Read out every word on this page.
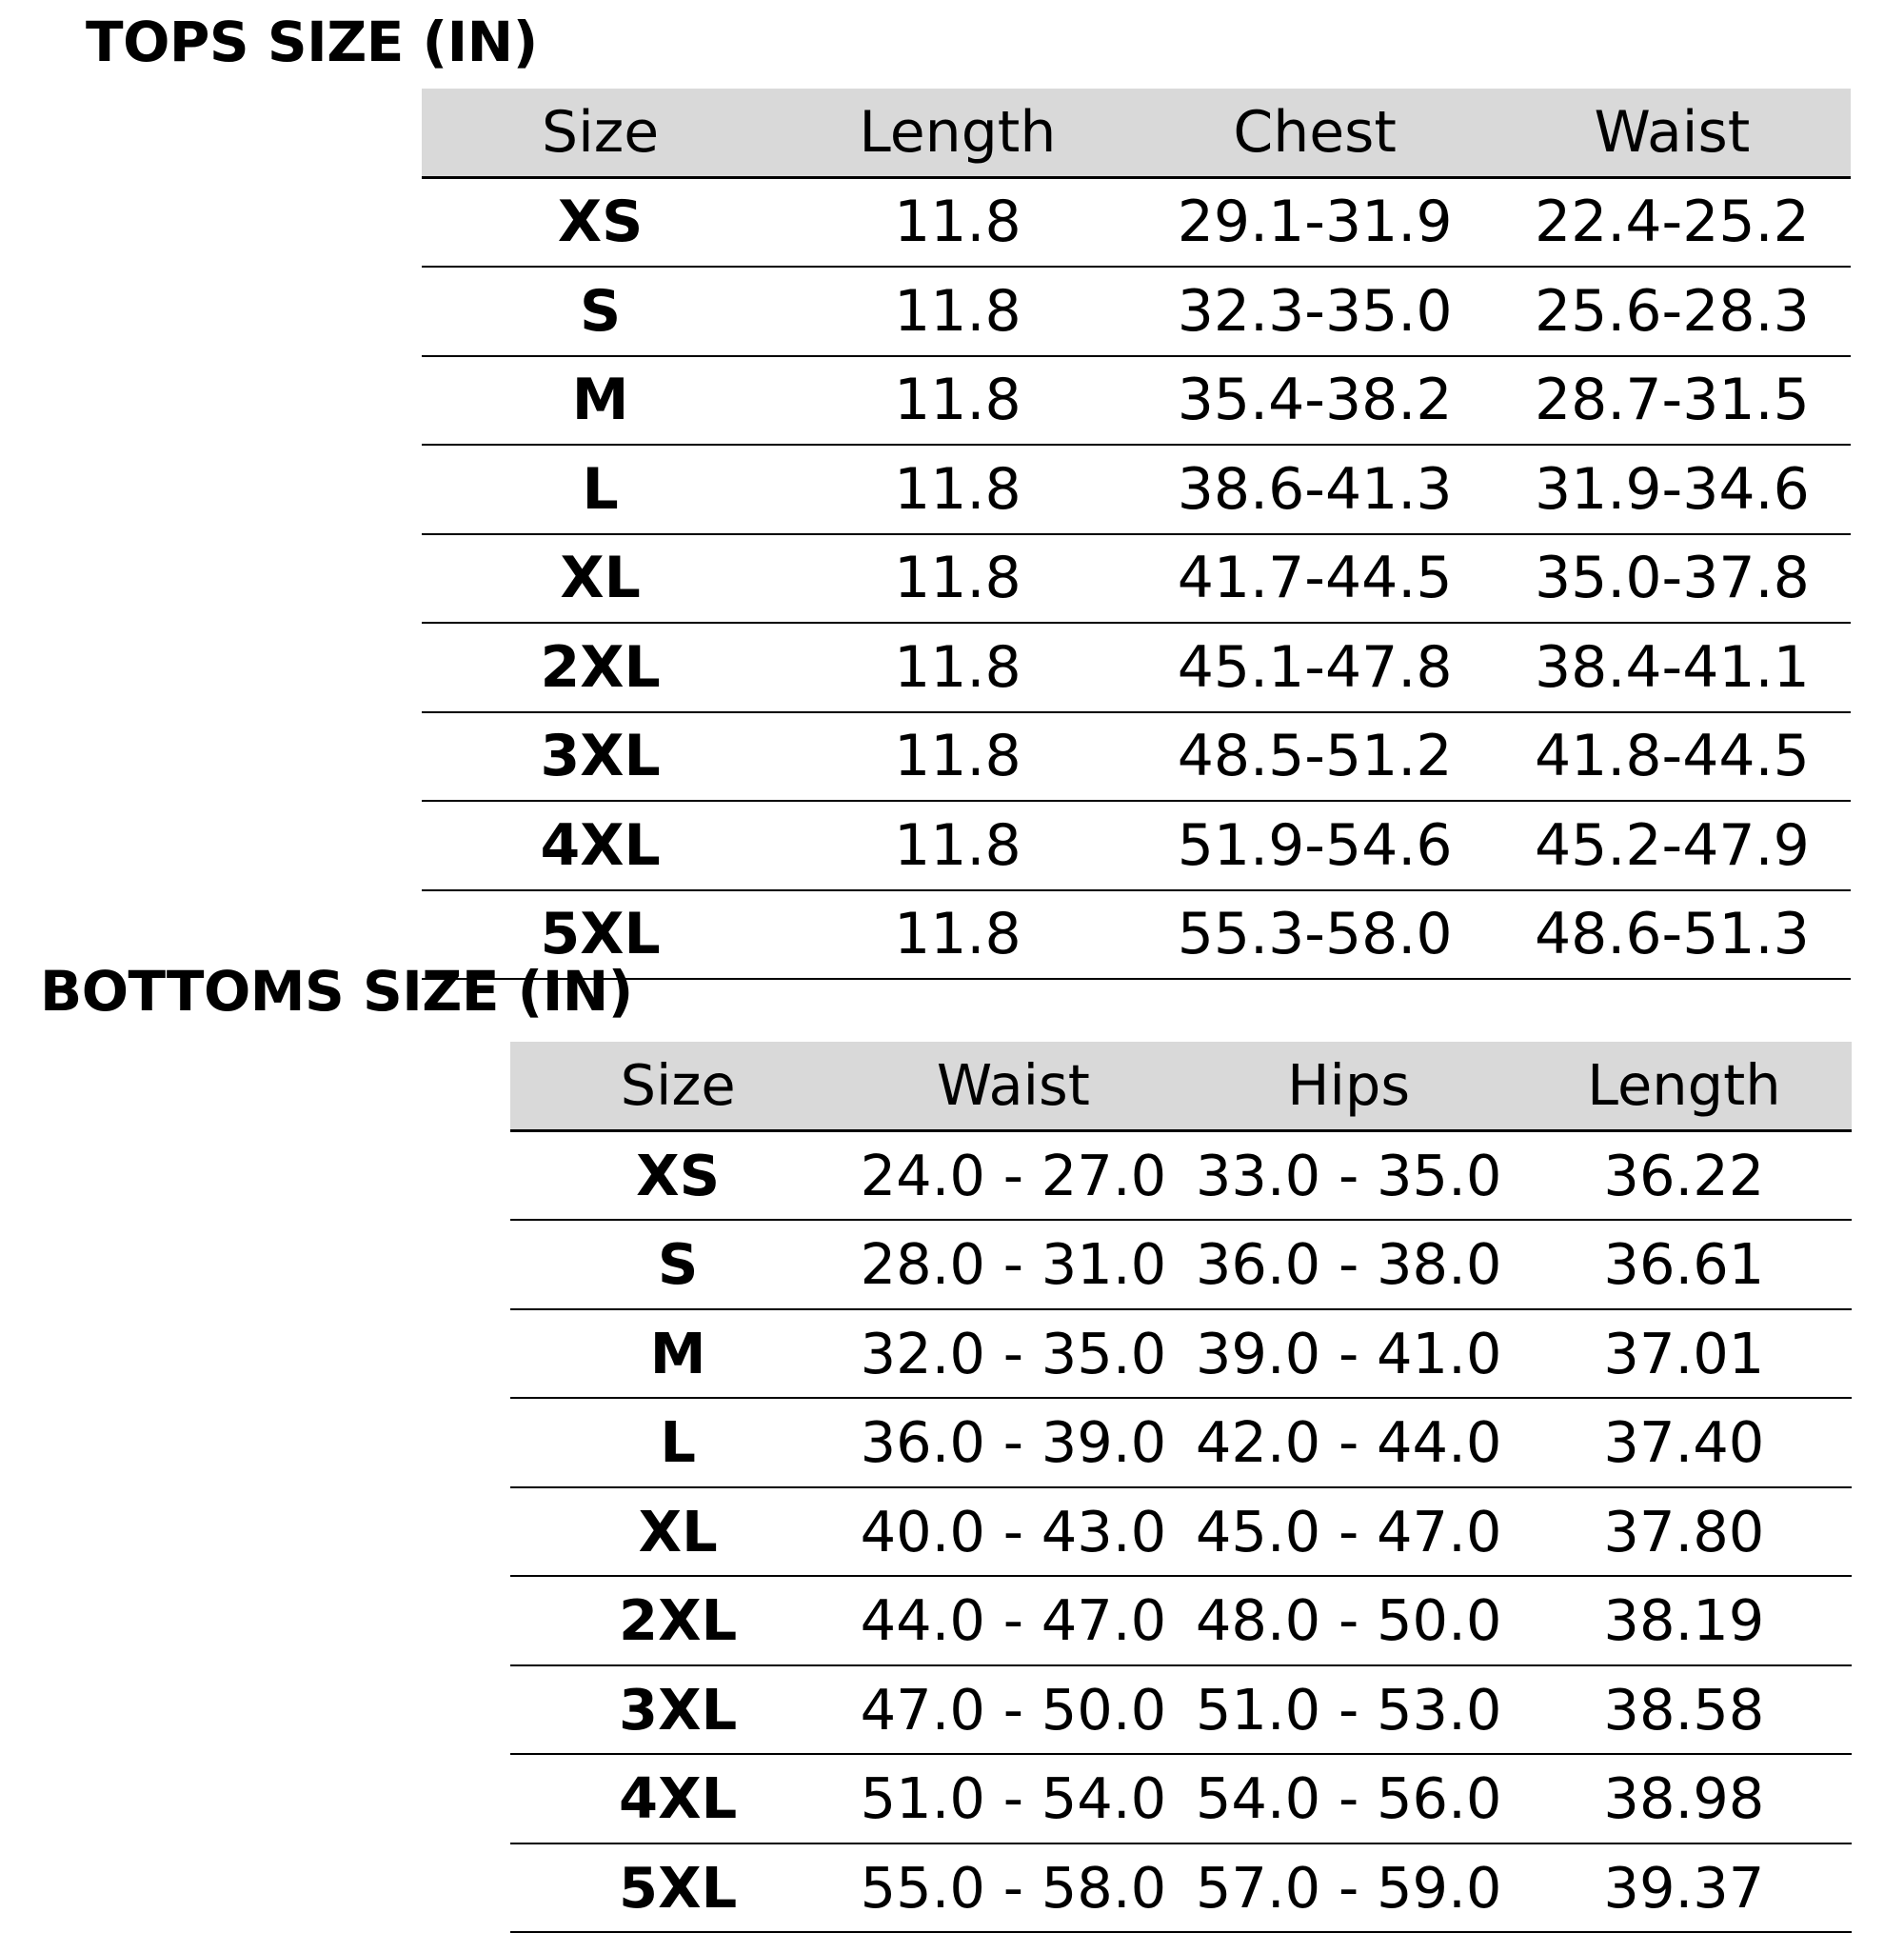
TOPS SIZE (IN)
Size	Length	Chest	Waist
XS	11.8	29.1-31.9	22.4-25.2
S	11.8	32.3-35.0	25.6-28.3
M	11.8	35.4-38.2	28.7-31.5
L	11.8	38.6-41.3	31.9-34.6
XL	11.8	41.7-44.5	35.0-37.8
2XL	11.8	45.1-47.8	38.4-41.1
3XL	11.8	48.5-51.2	41.8-44.5
4XL	11.8	51.9-54.6	45.2-47.9
5XL	11.8	55.3-58.0	48.6-51.3
BOTTOMS SIZE (IN)
Size	Waist	Hips	Length
XS	24.0 - 27.0	33.0 - 35.0	36.22
S	28.0 - 31.0	36.0 - 38.0	36.61
M	32.0 - 35.0	39.0 - 41.0	37.01
L	36.0 - 39.0	42.0 - 44.0	37.40
XL	40.0 - 43.0	45.0 - 47.0	37.80
2XL	44.0 - 47.0	48.0 - 50.0	38.19
3XL	47.0 - 50.0	51.0 - 53.0	38.58
4XL	51.0 - 54.0	54.0 - 56.0	38.98
5XL	55.0 - 58.0	57.0 - 59.0	39.37
